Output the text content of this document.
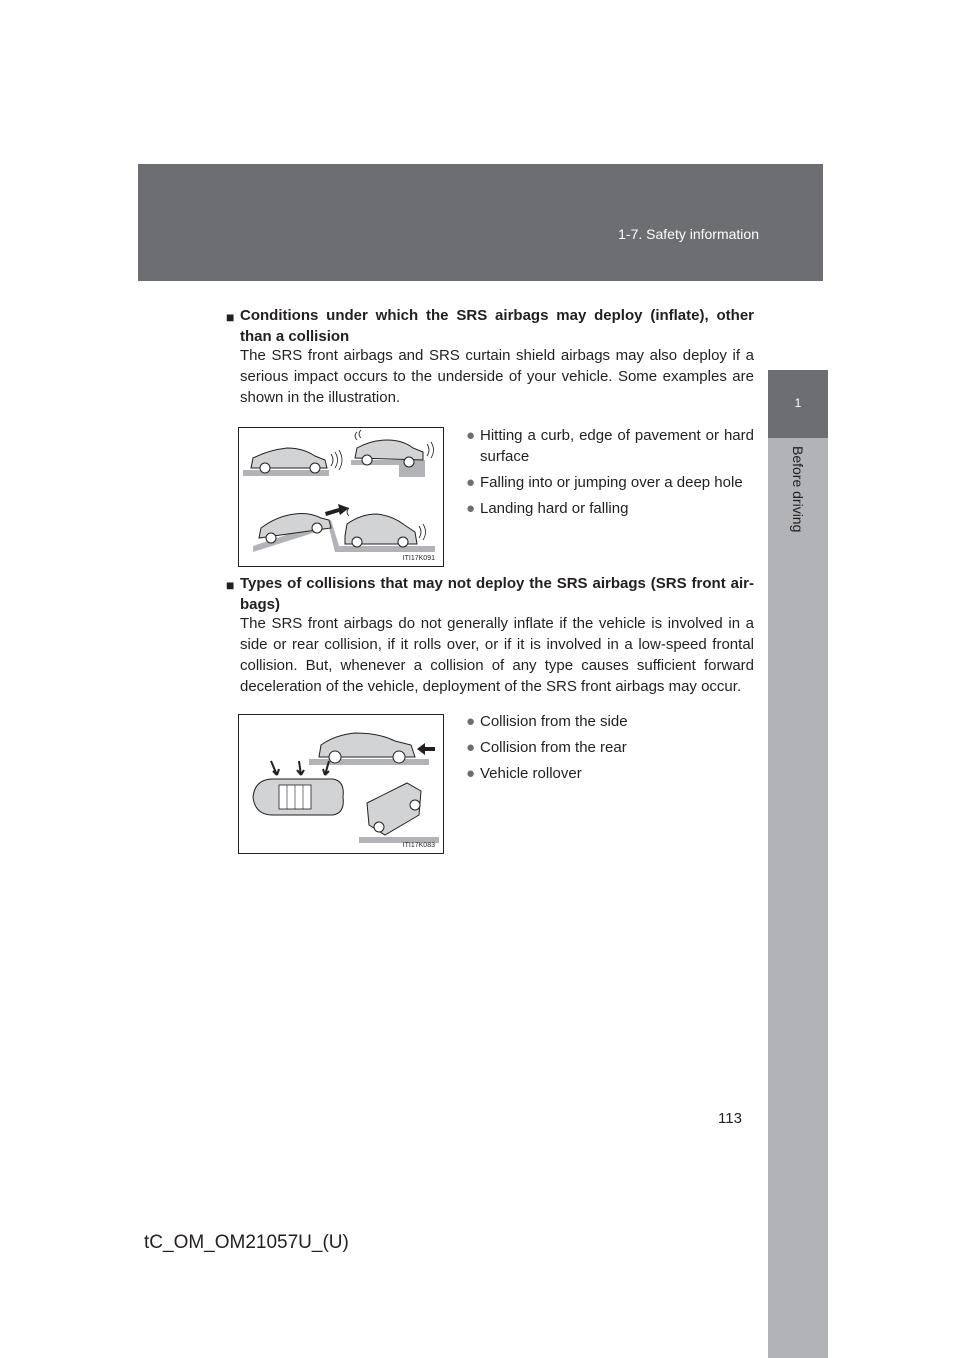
1-7. Safety information
1
Before driving
■ Conditions under which the SRS airbags may deploy (inflate), other than a collision
The SRS front airbags and SRS curtain shield airbags may also deploy if a serious impact occurs to the underside of your vehicle. Some examples are shown in the illustration.
ITI17K091
● Hitting a curb, edge of pavement or hard surface
● Falling into or jumping over a deep hole
● Landing hard or falling
■ Types of collisions that may not deploy the SRS airbags (SRS front air-bags)
The SRS front airbags do not generally inflate if the vehicle is involved in a side or rear collision, if it rolls over, or if it is involved in a low-speed frontal collision. But, whenever a collision of any type causes sufficient forward deceleration of the vehicle, deployment of the SRS front airbags may occur.
ITI17K083
● Collision from the side
● Collision from the rear
● Vehicle rollover
113
tC_OM_OM21057U_(U)
